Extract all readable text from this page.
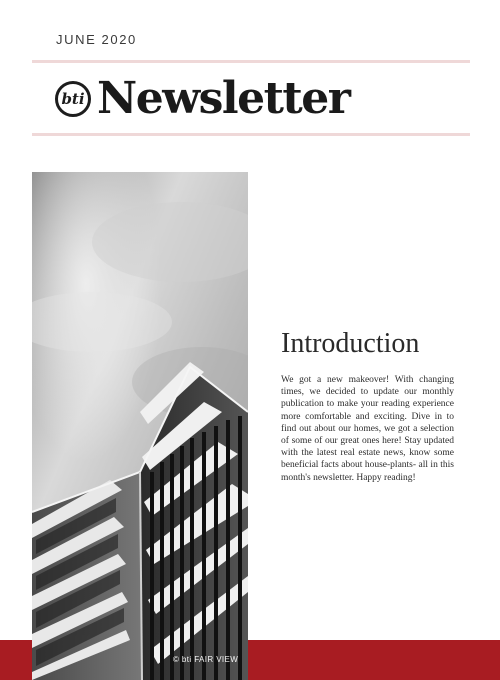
JUNE 2020
bti Newsletter
© bti FAIR VIEW
Introduction

We got a new makeover! With changing times, we decided to update our monthly publication to make your reading experience more comfortable and exciting. Dive in to find out about our homes, we got a selection of some of our great ones here! Stay updated with the latest real estate news, know some beneficial facts about house-plants- all in this month's newsletter. Happy reading!
